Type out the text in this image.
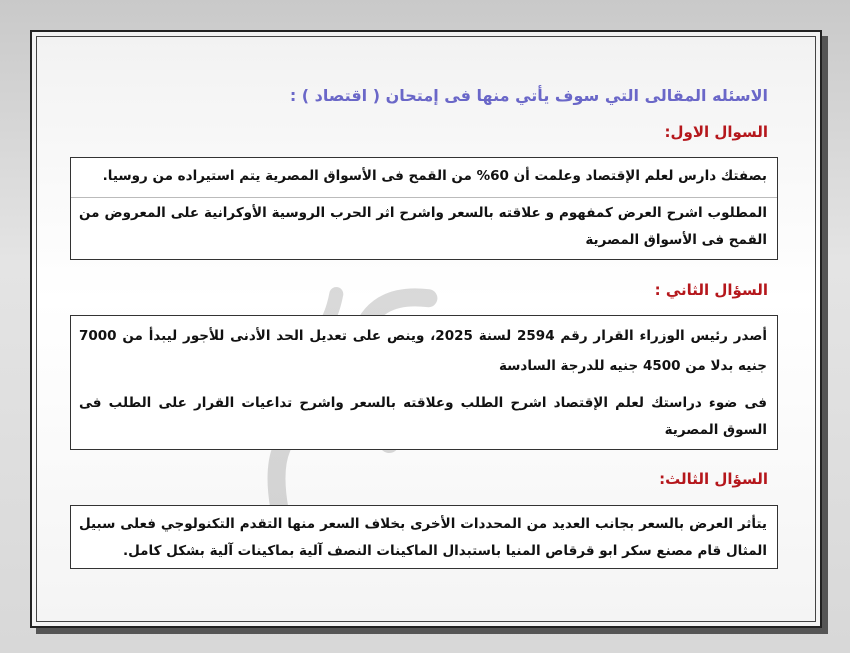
الاسئله المقالى التي سوف يأتي منها فى إمتحان ( اقتصاد ) :
السوال الاول:
بصفتك دارس لعلم الإقتصاد وعلمت أن 60% من القمح فى الأسواق المصرية يتم استيراده من روسيا.
المطلوب اشرح العرض كمفهوم و علاقته بالسعر واشرح اثر الحرب الروسية الأوكرانية على المعروض من القمح فى الأسواق المصرية
السؤال الثاني :
أصدر رئيس الوزراء القرار رقم 2594 لسنة 2025، وينص على تعديل الحد الأدنى للأجور ليبدأ من 7000 جنيه بدلا من 4500 جنيه للدرجة السادسة
فى ضوء دراستك لعلم الإقتصاد اشرح الطلب وعلاقته بالسعر واشرح تداعيات القرار على الطلب فى السوق المصرية
السؤال الثالث:
يتأثر العرض بالسعر بجانب العديد من المحددات الأخرى بخلاف السعر منها التقدم التكنولوجي فعلى سبيل المثال قام مصنع سكر ابو قرقاص المنيا باستبدال الماكينات النصف آلية بماكينات آلية بشكل كامل.
